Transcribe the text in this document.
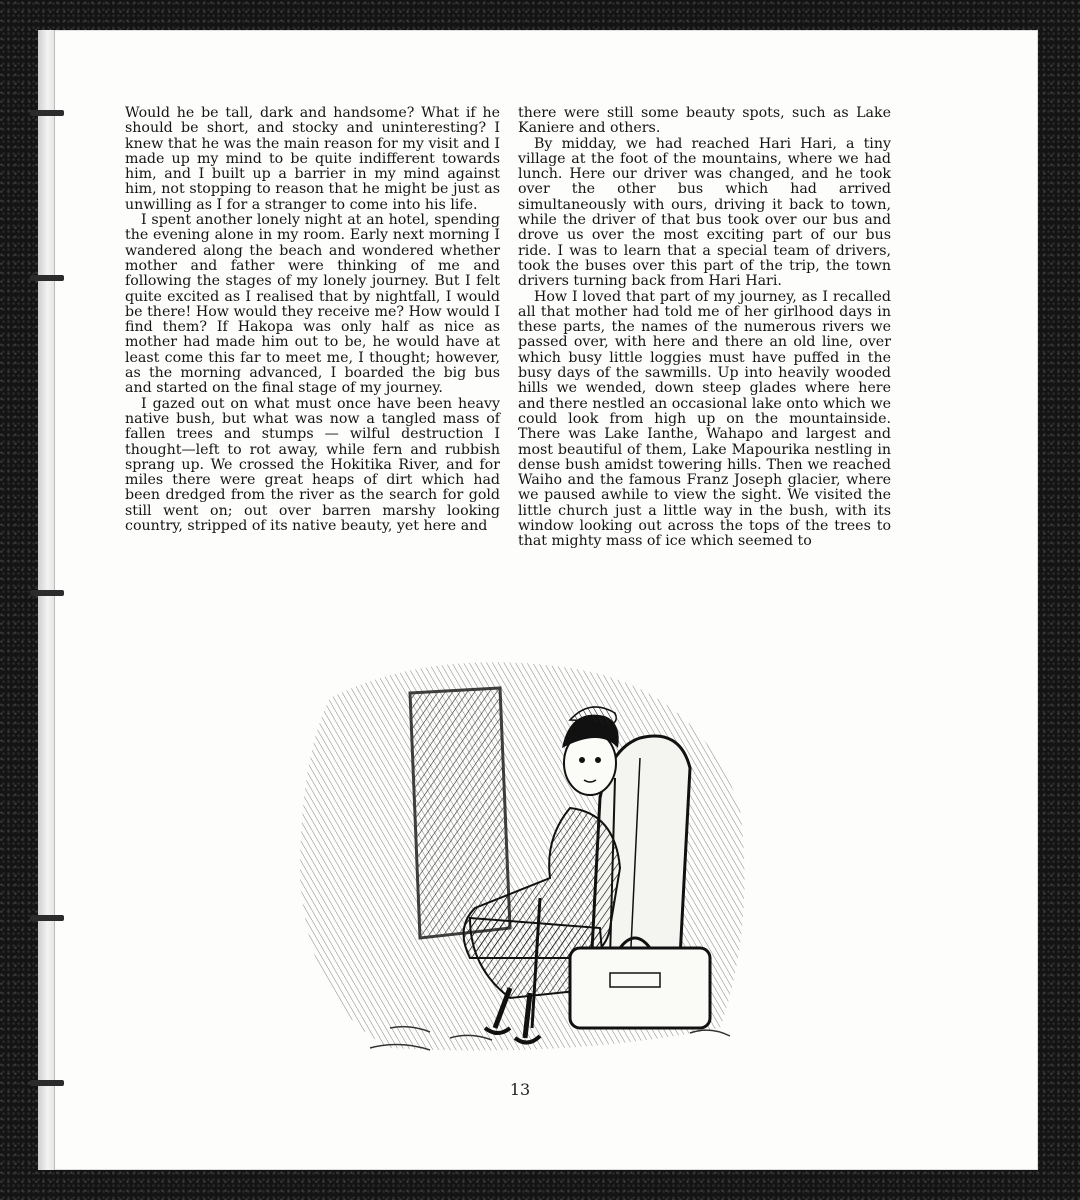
Would he be tall, dark and handsome? What if he should be short, and stocky and uninteresting? I knew that he was the main reason for my visit and I made up my mind to be quite indifferent towards him, and I built up a barrier in my mind against him, not stopping to reason that he might be just as unwilling as I for a stranger to come into his life.

I spent another lonely night at an hotel, spending the evening alone in my room. Early next morning I wandered along the beach and wondered whether mother and father were thinking of me and following the stages of my lonely journey. But I felt quite excited as I realised that by nightfall, I would be there! How would they receive me? How would I find them? If Hakopa was only half as nice as mother had made him out to be, he would have at least come this far to meet me, I thought; however, as the morning advanced, I boarded the big bus and started on the final stage of my journey.

I gazed out on what must once have been heavy native bush, but what was now a tangled mass of fallen trees and stumps — wilful destruction I thought—left to rot away, while fern and rubbish sprang up. We crossed the Hokitika River, and for miles there were great heaps of dirt which had been dredged from the river as the search for gold still went on; out over barren marshy looking country, stripped of its native beauty, yet here and

there were still some beauty spots, such as Lake Kaniere and others.

By midday, we had reached Hari Hari, a tiny village at the foot of the mountains, where we had lunch. Here our driver was changed, and he took over the other bus which had arrived simultaneously with ours, driving it back to town, while the driver of that bus took over our bus and drove us over the most exciting part of our bus ride. I was to learn that a special team of drivers, took the buses over this part of the trip, the town drivers turning back from Hari Hari.

How I loved that part of my journey, as I recalled all that mother had told me of her girlhood days in these parts, the names of the numerous rivers we passed over, with here and there an old line, over which busy little loggies must have puffed in the busy days of the sawmills. Up into heavily wooded hills we wended, down steep glades where here and there nestled an occasional lake onto which we could look from high up on the mountainside. There was Lake Ianthe, Wahapo and largest and most beautiful of them, Lake Mapourika nestling in dense bush amidst towering hills. Then we reached Waiho and the famous Franz Joseph glacier, where we paused awhile to view the sight. We visited the little church just a little way in the bush, with its window looking out across the tops of the trees to that mighty mass of ice which seemed to

13
